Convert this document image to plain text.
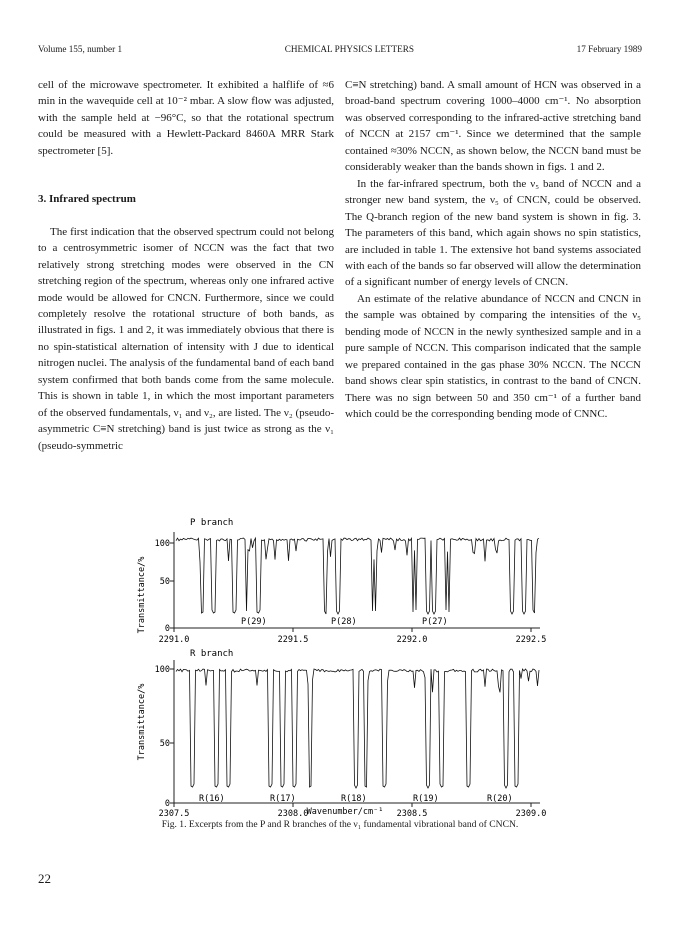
Volume 155, number 1	CHEMICAL PHYSICS LETTERS	17 February 1989

cell of the microwave spectrometer. It exhibited a halflife of ≈6 min in the wavequide cell at 10⁻² mbar. A slow flow was adjusted, with the sample held at −96°C, so that the rotational spectrum could be measured with a Hewlett-Packard 8460A MRR Stark spectrometer [5].

3. Infrared spectrum

The first indication that the observed spectrum could not belong to a centrosymmetric isomer of NCCN was the fact that two relatively strong stretching modes were observed in the CN stretching region of the spectrum, whereas only one infrared active mode would be allowed for CNCN. Furthermore, since we could completely resolve the rotational structure of both bands, as illustrated in figs. 1 and 2, it was immediately obvious that there is no spin-statistical alternation of intensity with J due to identical nitrogen nuclei. The analysis of the fundamental band of each band system confirmed that both bands come from the same molecule. This is shown in table 1, in which the most important parameters of the observed fundamentals, ν₁ and ν₂, are listed. The ν₂ (pseudo-asymmetric C≡N stretching) band is just twice as strong as the ν₁ (pseudo-symmetric

C≡N stretching) band. A small amount of HCN was observed in a broad-band spectrum covering 1000–4000 cm⁻¹. No absorption was observed corresponding to the infrared-active stretching band of NCCN at 2157 cm⁻¹. Since we determined that the sample contained ≈30% NCCN, as shown below, the NCCN band must be considerably weaker than the bands shown in figs. 1 and 2.

In the far-infrared spectrum, both the ν₅ band of NCCN and a stronger new band system, the ν₅ of CNCN, could be observed. The Q-branch region of the new band system is shown in fig. 3. The parameters of this band, which again shows no spin statistics, are included in table 1. The extensive hot band systems associated with each of the bands so far observed will allow the determination of a significant number of energy levels of CNCN.

An estimate of the relative abundance of NCCN and CNCN in the sample was obtained by comparing the intensities of the ν₅ bending mode of NCCN in the newly synthesized sample and in a pure sample of NCCN. This comparison indicated that the sample we prepared contained in the gas phase 30% NCCN. The NCCN band shows clear spin statistics, in contrast to the band of CNCN. There was no sign between 50 and 350 cm⁻¹ of a further band which could be the corresponding bending mode of CNNC.

P branch
Transmittance/%
100
50
0
P(29)	P(28)	P(27)
2291.0	2291.5	2292.0	2292.5
R branch
Transmittance/%
100
50
0	R(16)	R(17)	R(18)	R(19)	R(20)
2307.5	2308.0	2308.5	2309.0
Wavenumber/cm⁻¹
Fig. 1. Excerpts from the P and R branches of the ν₁ fundamental vibrational band of CNCN.
22
